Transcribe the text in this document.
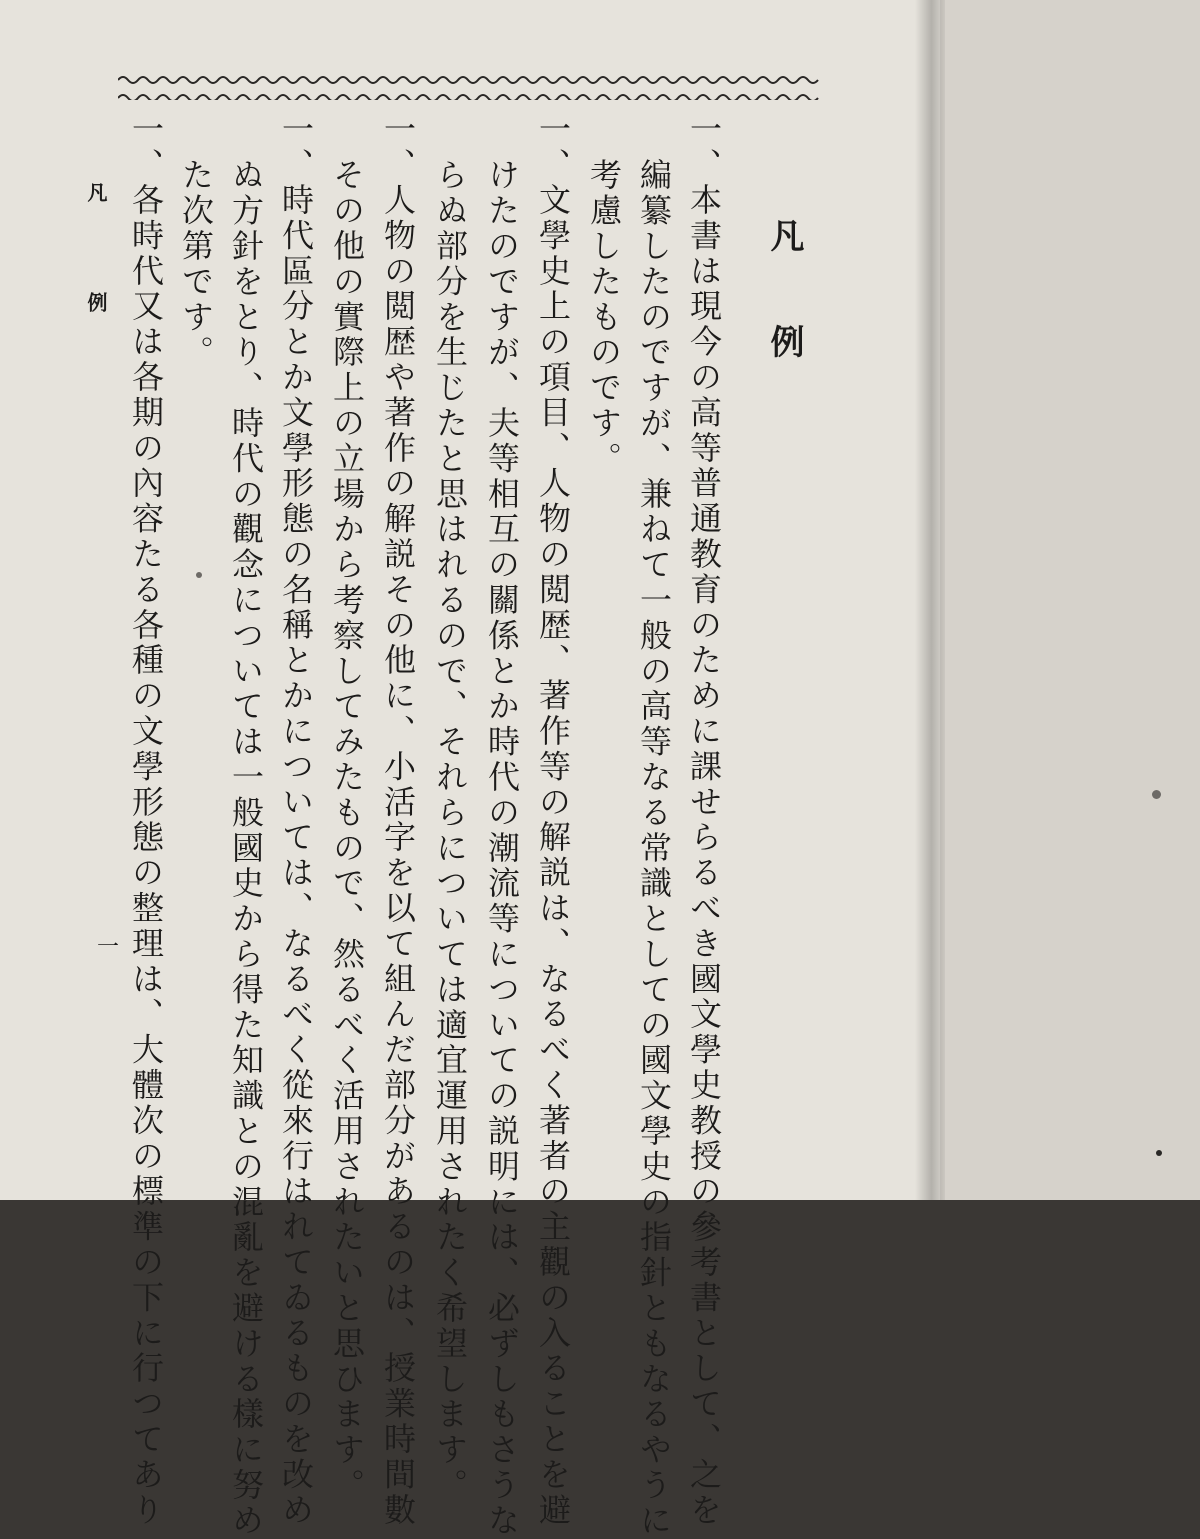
凡例
凡例
一	一、本書は現今の高等普通教育のために課せらるべき國文學史教授の參考書として、之を
編纂したのですが、兼ねて一般の高等なる常識としての國文學史の指針ともなるやうに
考慮したものです。
一、文學史上の項目、人物の閲歴、著作等の解説は、なるべく著者の主觀の入ることを避
けたのですが、夫等相互の關係とか時代の潮流等についての説明には、必ずしもさうな
らぬ部分を生じたと思はれるので、それらについては適宜運用されたく希望します。
一、人物の閲歴や著作の解説その他に、小活字を以て組んだ部分があるのは、授業時間數
その他の實際上の立場から考察してみたもので、然るべく活用されたいと思ひます。
一、時代區分とか文學形態の名稱とかについては、なるべく從來行はれてゐるものを改め
ぬ方針をとり、時代の觀念については一般國史から得た知識との混亂を避ける樣に努め
た次第です。
一、各時代又は各期の內容たる各種の文學形態の整理は、大體次の標準の下に行つてあり
